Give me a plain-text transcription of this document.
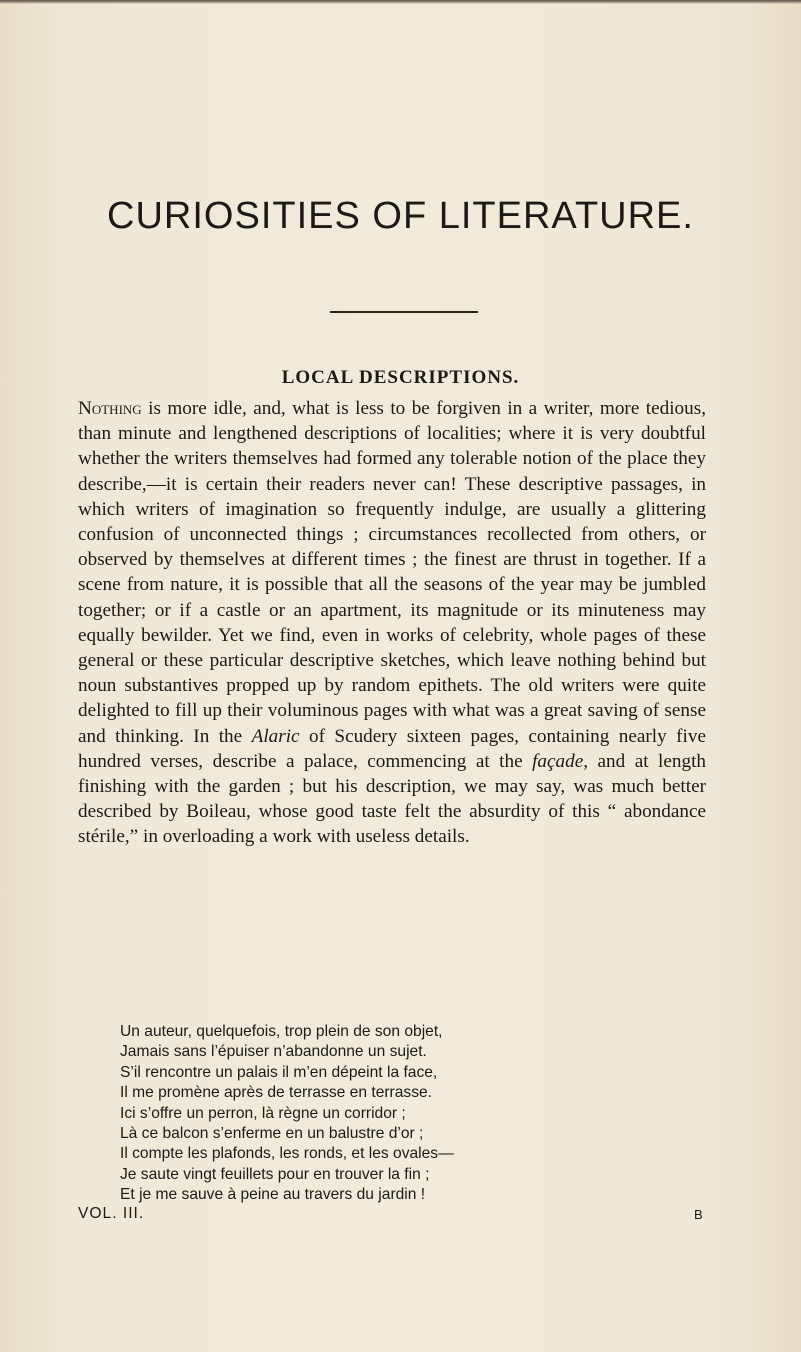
CURIOSITIES OF LITERATURE.
LOCAL DESCRIPTIONS.

Nothing is more idle, and, what is less to be forgiven in a writer, more tedious, than minute and lengthened descriptions of localities; where it is very doubtful whether the writers themselves had formed any tolerable notion of the place they describe,—it is certain their readers never can! These descriptive passages, in which writers of imagination so frequently indulge, are usually a glittering confusion of unconnected things ; circumstances recollected from others, or observed by themselves at different times ; the finest are thrust in together. If a scene from nature, it is possible that all the seasons of the year may be jumbled together; or if a castle or an apartment, its magnitude or its minuteness may equally bewilder. Yet we find, even in works of celebrity, whole pages of these general or these particular descriptive sketches, which leave nothing behind but noun substantives propped up by random epithets. The old writers were quite delighted to fill up their voluminous pages with what was a great saving of sense and thinking. In the Alaric of Scudery sixteen pages, containing nearly five hundred verses, describe a palace, commencing at the façade, and at length finishing with the garden ; but his description, we may say, was much better described by Boileau, whose good taste felt the absurdity of this “ abondance stérile,” in overloading a work with useless details.

Un auteur, quelquefois, trop plein de son objet,
Jamais sans l’épuiser n’abandonne un sujet.
S’il rencontre un palais il m’en dépeint la face,
Il me promène après de terrasse en terrasse.
Ici s’offre un perron, là règne un corridor ;
Là ce balcon s’enferme en un balustre d’or ;
Il compte les plafonds, les ronds, et les ovales—
Je saute vingt feuillets pour en trouver la fin ;
Et je me sauve à peine au travers du jardin !
VOL. III.	B
